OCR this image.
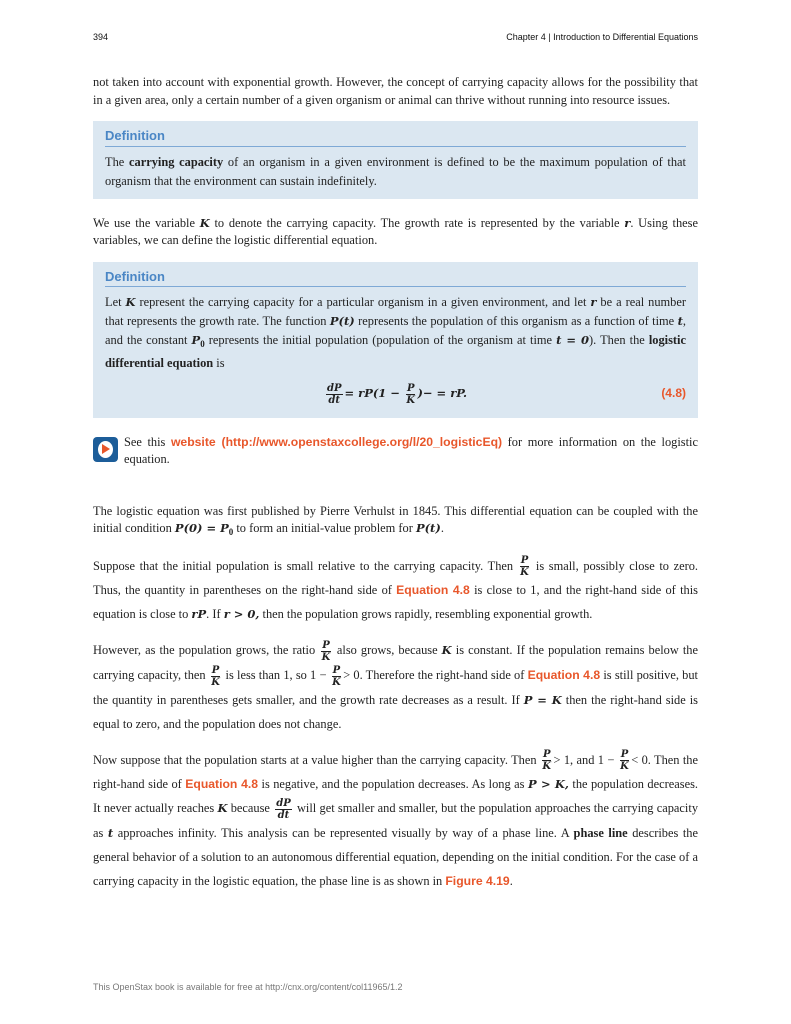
394	Chapter 4 | Introduction to Differential Equations

not taken into account with exponential growth. However, the concept of carrying capacity allows for the possibility that in a given area, only a certain number of a given organism or animal can thrive without running into resource issues.

Definition

The carrying capacity of an organism in a given environment is defined to be the maximum population of that organism that the environment can sustain indefinitely.

We use the variable K to denote the carrying capacity. The growth rate is represented by the variable r. Using these variables, we can define the logistic differential equation.

Definition

Let K represent the carrying capacity for a particular organism in a given environment, and let r be a real number that represents the growth rate. The function P(t) represents the population of this organism as a function of time t, and the constant $P_0$ represents the initial population (population of the organism at time t = 0). Then the logistic differential equation is

$\frac{dP}{dt} = rP(1 - \frac{P}{K}$ )− = rP.	(4.8)

See this website (http://www.openstaxcollege.org/l/20_logisticEq) for more information on the logistic equation.

The logistic equation was first published by Pierre Verhulst in 1845. This differential equation can be coupled with the initial condition $P(0) = P_0$ to form an initial-value problem for P(t).

Suppose that the initial population is small relative to the carrying capacity. Then $\frac{P}{K}$ is small, possibly close to zero. Thus, the quantity in parentheses on the right-hand side of Equation 4.8 is close to 1, and the right-hand side of this equation is close to rP. If r > 0, then the population grows rapidly, resembling exponential growth.

However, as the population grows, the ratio $\frac{P}{K}$ also grows, because K is constant. If the population remains below the carrying capacity, then $\frac{P}{K}$ is less than 1, so $1 - \frac{P}{K} > 0$. Therefore the right-hand side of Equation 4.8 is still positive, but the quantity in parentheses gets smaller, and the growth rate decreases as a result. If P = K then the right-hand side is equal to zero, and the population does not change.

Now suppose that the population starts at a value higher than the carrying capacity. Then $\frac{P}{K} > 1$, and $1 - \frac{P}{K} < 0$. Then the right-hand side of Equation 4.8 is negative, and the population decreases. As long as P > K, the population decreases. It never actually reaches K because $\frac{dP}{dt}$ will get smaller and smaller, but the population approaches the carrying capacity as t approaches infinity. This analysis can be represented visually by way of a phase line. A phase line describes the general behavior of a solution to an autonomous differential equation, depending on the initial condition. For the case of a carrying capacity in the logistic equation, the phase line is as shown in Figure 4.19.

This OpenStax book is available for free at http://cnx.org/content/col11965/1.2
